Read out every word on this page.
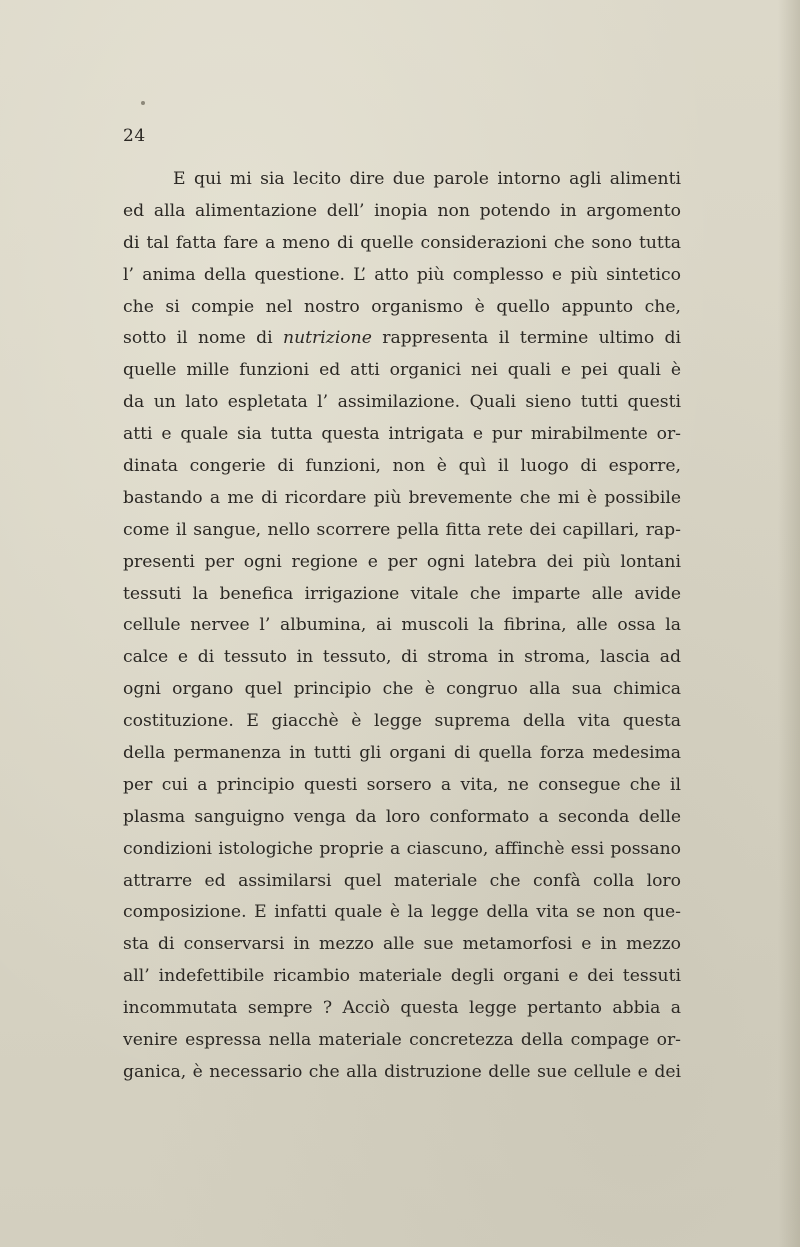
24
E qui mi sia lecito dire due parole intorno agli alimenti
ed alla alimentazione dell’ inopia non potendo in argomento
di tal fatta fare a meno di quelle considerazioni che sono tutta
l’ anima della questione. L’ atto più complesso e più sintetico
che si compie nel nostro organismo è quello appunto che,
sotto il nome di nutrizione rappresenta il termine ultimo di
quelle mille funzioni ed atti organici nei quali e pei quali è
da un lato espletata l’ assimilazione. Quali sieno tutti questi
atti e quale sia tutta questa intrigata e pur mirabilmente or-
dinata congerie di funzioni, non è quì il luogo di esporre,
bastando a me di ricordare più brevemente che mi è possibile
come il sangue, nello scorrere pella fitta rete dei capillari, rap-
presenti per ogni regione e per ogni latebra dei più lontani
tessuti la benefica irrigazione vitale che imparte alle avide
cellule nervee l’ albumina, ai muscoli la fibrina, alle ossa la
calce e di tessuto in tessuto, di stroma in stroma, lascia ad
ogni organo quel principio che è congruo alla sua chimica
costituzione. E giacchè è legge suprema della vita questa
della permanenza in tutti gli organi di quella forza medesima
per cui a principio questi sorsero a vita, ne consegue che il
plasma sanguigno venga da loro conformato a seconda delle
condizioni istologiche proprie a ciascuno, affinchè essi possano
attrarre ed assimilarsi quel materiale che confà colla loro
composizione. E infatti quale è la legge della vita se non que-
sta di conservarsi in mezzo alle sue metamorfosi e in mezzo
all’ indefettibile ricambio materiale degli organi e dei tessuti
incommutata sempre ? Acciò questa legge pertanto abbia a
venire espressa nella materiale concretezza della compage or-
ganica, è necessario che alla distruzione delle sue cellule e dei
